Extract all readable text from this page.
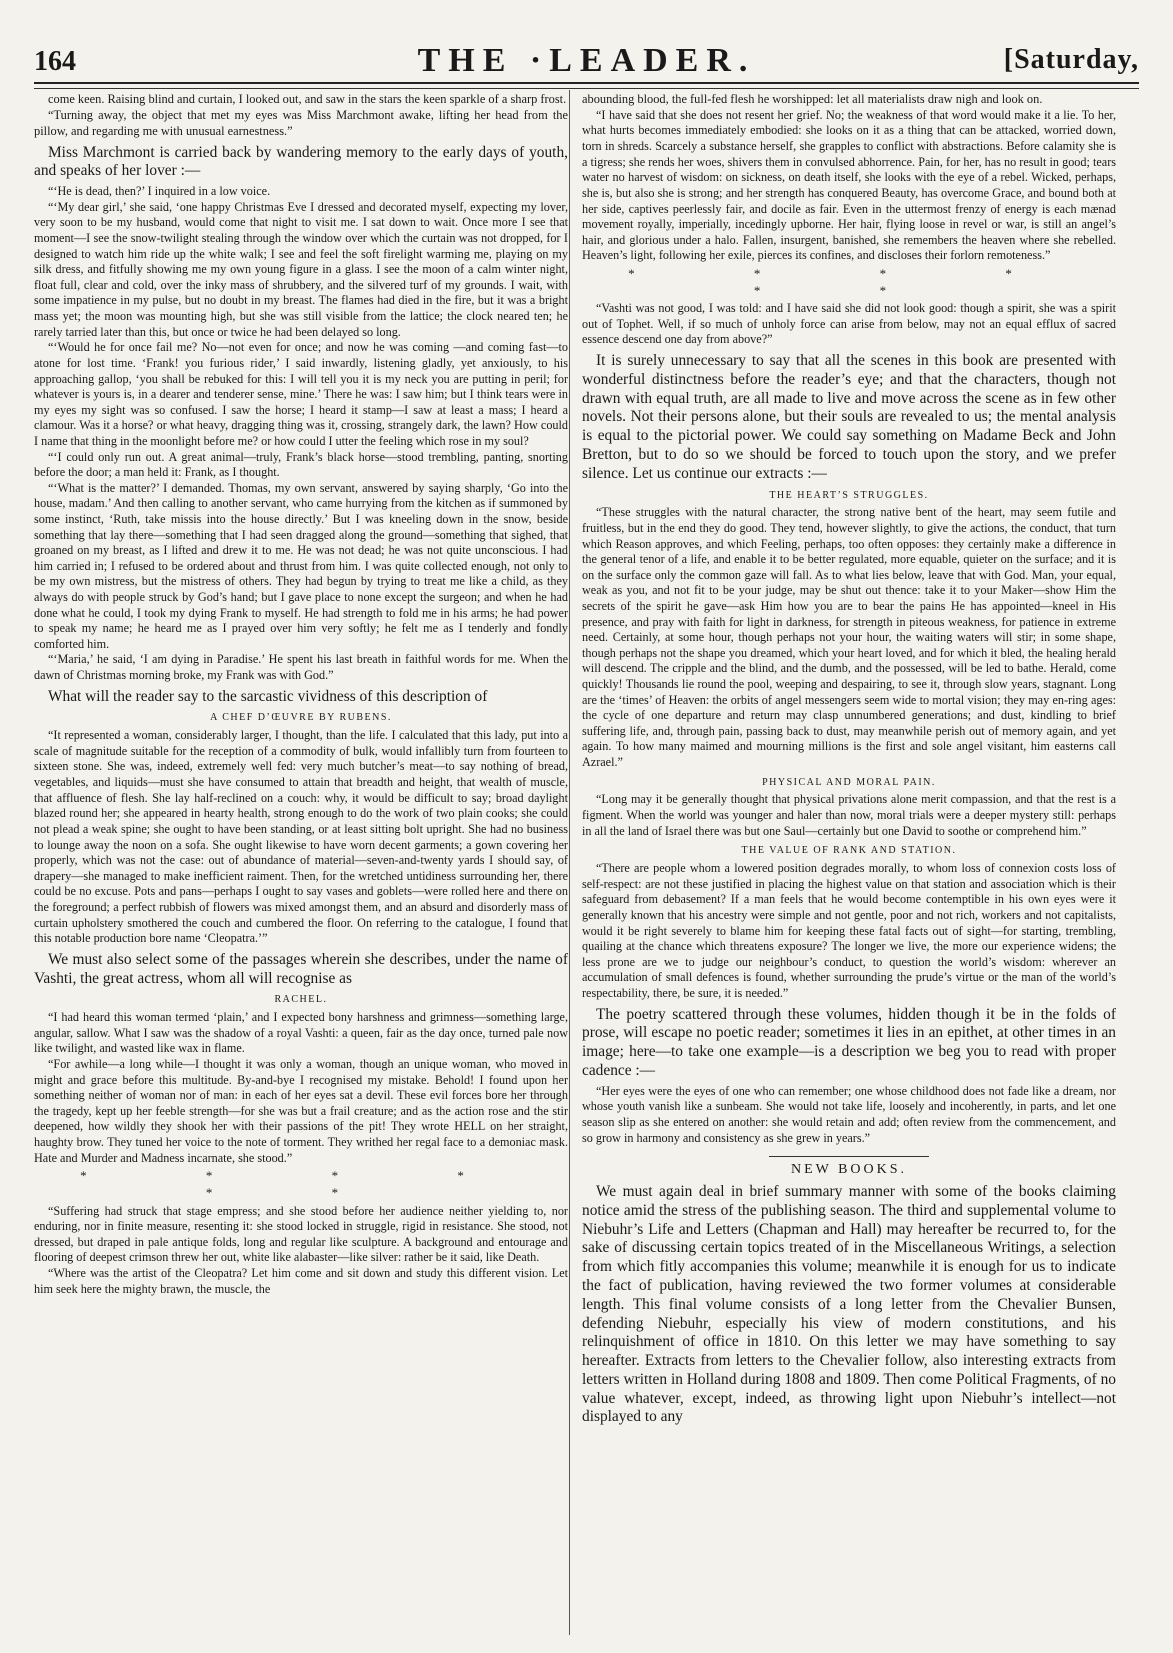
164	THE ·LEADER.	[Saturday,

come keen. Raising blind and curtain, I looked out, and saw in the stars the keen sparkle of a sharp frost.

“Turning away, the object that met my eyes was Miss Marchmont awake, lifting her head from the pillow, and regarding me with unusual earnestness.”

Miss Marchmont is carried back by wandering memory to the early days of youth, and speaks of her lover :—

“‘He is dead, then?’ I inquired in a low voice.

“‘My dear girl,’ she said, ‘one happy Christmas Eve I dressed and decorated myself, expecting my lover, very soon to be my husband, would come that night to visit me. I sat down to wait. Once more I see that moment—I see the snow-twilight stealing through the window over which the curtain was not dropped, for I designed to watch him ride up the white walk; I see and feel the soft firelight warming me, playing on my silk dress, and fitfully showing me my own young figure in a glass. I see the moon of a calm winter night, float full, clear and cold, over the inky mass of shrubbery, and the silvered turf of my grounds. I wait, with some impatience in my pulse, but no doubt in my breast. The flames had died in the fire, but it was a bright mass yet; the moon was mounting high, but she was still visible from the lattice; the clock neared ten; he rarely tarried later than this, but once or twice he had been delayed so long.

“‘Would he for once fail me? No—not even for once; and now he was coming —and coming fast—to atone for lost time. ‘Frank! you furious rider,’ I said inwardly, listening gladly, yet anxiously, to his approaching gallop, ‘you shall be rebuked for this: I will tell you it is my neck you are putting in peril; for whatever is yours is, in a dearer and tenderer sense, mine.’ There he was: I saw him; but I think tears were in my eyes my sight was so confused. I saw the horse; I heard it stamp—I saw at least a mass; I heard a clamour. Was it a horse? or what heavy, dragging thing was it, crossing, strangely dark, the lawn? How could I name that thing in the moonlight before me? or how could I utter the feeling which rose in my soul?

“‘I could only run out. A great animal—truly, Frank’s black horse—stood trembling, panting, snorting before the door; a man held it: Frank, as I thought.

“‘What is the matter?’ I demanded. Thomas, my own servant, answered by saying sharply, ‘Go into the house, madam.’ And then calling to another servant, who came hurrying from the kitchen as if summoned by some instinct, ‘Ruth, take missis into the house directly.’ But I was kneeling down in the snow, beside something that lay there—something that I had seen dragged along the ground—something that sighed, that groaned on my breast, as I lifted and drew it to me. He was not dead; he was not quite unconscious. I had him carried in; I refused to be ordered about and thrust from him. I was quite collected enough, not only to be my own mistress, but the mistress of others. They had begun by trying to treat me like a child, as they always do with people struck by God’s hand; but I gave place to none except the surgeon; and when he had done what he could, I took my dying Frank to myself. He had strength to fold me in his arms; he had power to speak my name; he heard me as I prayed over him very softly; he felt me as I tenderly and fondly comforted him.

“‘Maria,’ he said, ‘I am dying in Paradise.’ He spent his last breath in faithful words for me. When the dawn of Christmas morning broke, my Frank was with God.”

What will the reader say to the sarcastic vividness of this description of

A CHEF D’ŒUVRE BY RUBENS.

“It represented a woman, considerably larger, I thought, than the life. I calculated that this lady, put into a scale of magnitude suitable for the reception of a commodity of bulk, would infallibly turn from fourteen to sixteen stone. She was, indeed, extremely well fed: very much butcher’s meat—to say nothing of bread, vegetables, and liquids—must she have consumed to attain that breadth and height, that wealth of muscle, that affluence of flesh. She lay half-reclined on a couch: why, it would be difficult to say; broad daylight blazed round her; she appeared in hearty health, strong enough to do the work of two plain cooks; she could not plead a weak spine; she ought to have been standing, or at least sitting bolt upright. She had no business to lounge away the noon on a sofa. She ought likewise to have worn decent garments; a gown covering her properly, which was not the case: out of abundance of material—seven-and-twenty yards I should say, of drapery—she managed to make inefficient raiment. Then, for the wretched untidiness surrounding her, there could be no excuse. Pots and pans—perhaps I ought to say vases and goblets—were rolled here and there on the foreground; a perfect rubbish of flowers was mixed amongst them, and an absurd and disorderly mass of curtain upholstery smothered the couch and cumbered the floor. On referring to the catalogue, I found that this notable production bore name ‘Cleopatra.’”

We must also select some of the passages wherein she describes, under the name of Vashti, the great actress, whom all will recognise as

RACHEL.

“I had heard this woman termed ‘plain,’ and I expected bony harshness and grimness—something large, angular, sallow. What I saw was the shadow of a royal Vashti: a queen, fair as the day once, turned pale now like twilight, and wasted like wax in flame.

“For awhile—a long while—I thought it was only a woman, though an unique woman, who moved in might and grace before this multitude. By-and-bye I recognised my mistake. Behold! I found upon her something neither of woman nor of man: in each of her eyes sat a devil. These evil forces bore her through the tragedy, kept up her feeble strength—for she was but a frail creature; and as the action rose and the stir deepened, how wildly they shook her with their passions of the pit! They wrote HELL on her straight, haughty brow. They tuned her voice to the note of torment. They writhed her regal face to a demoniac mask. Hate and Murder and Madness incarnate, she stood.”

* * * * * *

“Suffering had struck that stage empress; and she stood before her audience neither yielding to, nor enduring, nor in finite measure, resenting it: she stood locked in struggle, rigid in resistance. She stood, not dressed, but draped in pale antique folds, long and regular like sculpture. A background and entourage and flooring of deepest crimson threw her out, white like alabaster—like silver: rather be it said, like Death.

“Where was the artist of the Cleopatra? Let him come and sit down and study this different vision. Let him seek here the mighty brawn, the muscle, the

abounding blood, the full-fed flesh he worshipped: let all materialists draw nigh and look on.

“I have said that she does not resent her grief. No; the weakness of that word would make it a lie. To her, what hurts becomes immediately embodied: she looks on it as a thing that can be attacked, worried down, torn in shreds. Scarcely a substance herself, she grapples to conflict with abstractions. Before calamity she is a tigress; she rends her woes, shivers them in convulsed abhorrence. Pain, for her, has no result in good; tears water no harvest of wisdom: on sickness, on death itself, she looks with the eye of a rebel. Wicked, perhaps, she is, but also she is strong; and her strength has conquered Beauty, has overcome Grace, and bound both at her side, captives peerlessly fair, and docile as fair. Even in the uttermost frenzy of energy is each mænad movement royally, imperially, incedingly upborne. Her hair, flying loose in revel or war, is still an angel’s hair, and glorious under a halo. Fallen, insurgent, banished, she remembers the heaven where she rebelled. Heaven’s light, following her exile, pierces its confines, and discloses their forlorn remoteness.”

* * * * * *

“Vashti was not good, I was told: and I have said she did not look good: though a spirit, she was a spirit out of Tophet. Well, if so much of unholy force can arise from below, may not an equal efflux of sacred essence descend one day from above?”

It is surely unnecessary to say that all the scenes in this book are presented with wonderful distinctness before the reader’s eye; and that the characters, though not drawn with equal truth, are all made to live and move across the scene as in few other novels. Not their persons alone, but their souls are revealed to us; the mental analysis is equal to the pictorial power. We could say something on Madame Beck and John Bretton, but to do so we should be forced to touch upon the story, and we prefer silence. Let us continue our extracts :—

THE HEART’S STRUGGLES.

“These struggles with the natural character, the strong native bent of the heart, may seem futile and fruitless, but in the end they do good. They tend, however slightly, to give the actions, the conduct, that turn which Reason approves, and which Feeling, perhaps, too often opposes: they certainly make a difference in the general tenor of a life, and enable it to be better regulated, more equable, quieter on the surface; and it is on the surface only the common gaze will fall. As to what lies below, leave that with God. Man, your equal, weak as you, and not fit to be your judge, may be shut out thence: take it to your Maker—show Him the secrets of the spirit he gave—ask Him how you are to bear the pains He has appointed—kneel in His presence, and pray with faith for light in darkness, for strength in piteous weakness, for patience in extreme need. Certainly, at some hour, though perhaps not your hour, the waiting waters will stir; in some shape, though perhaps not the shape you dreamed, which your heart loved, and for which it bled, the healing herald will descend. The cripple and the blind, and the dumb, and the possessed, will be led to bathe. Herald, come quickly! Thousands lie round the pool, weeping and despairing, to see it, through slow years, stagnant. Long are the ‘times’ of Heaven: the orbits of angel messengers seem wide to mortal vision; they may en-ring ages: the cycle of one departure and return may clasp unnumbered generations; and dust, kindling to brief suffering life, and, through pain, passing back to dust, may meanwhile perish out of memory again, and yet again. To how many maimed and mourning millions is the first and sole angel visitant, him easterns call Azrael.”

PHYSICAL AND MORAL PAIN.

“Long may it be generally thought that physical privations alone merit compassion, and that the rest is a figment. When the world was younger and haler than now, moral trials were a deeper mystery still: perhaps in all the land of Israel there was but one Saul—certainly but one David to soothe or comprehend him.”

THE VALUE OF RANK AND STATION.

“There are people whom a lowered position degrades morally, to whom loss of connexion costs loss of self-respect: are not these justified in placing the highest value on that station and association which is their safeguard from debasement? If a man feels that he would become contemptible in his own eyes were it generally known that his ancestry were simple and not gentle, poor and not rich, workers and not capitalists, would it be right severely to blame him for keeping these fatal facts out of sight—for starting, trembling, quailing at the chance which threatens exposure? The longer we live, the more our experience widens; the less prone are we to judge our neighbour’s conduct, to question the world’s wisdom: wherever an accumulation of small defences is found, whether surrounding the prude’s virtue or the man of the world’s respectability, there, be sure, it is needed.”

The poetry scattered through these volumes, hidden though it be in the folds of prose, will escape no poetic reader; sometimes it lies in an epithet, at other times in an image; here—to take one example—is a description we beg you to read with proper cadence :—

“Her eyes were the eyes of one who can remember; one whose childhood does not fade like a dream, nor whose youth vanish like a sunbeam. She would not take life, loosely and incoherently, in parts, and let one season slip as she entered on another: she would retain and add; often review from the commencement, and so grow in harmony and consistency as she grew in years.”

NEW BOOKS.

We must again deal in brief summary manner with some of the books claiming notice amid the stress of the publishing season. The third and supplemental volume to Niebuhr’s Life and Letters (Chapman and Hall) may hereafter be recurred to, for the sake of discussing certain topics treated of in the Miscellaneous Writings, a selection from which fitly accompanies this volume; meanwhile it is enough for us to indicate the fact of publication, having reviewed the two former volumes at considerable length. This final volume consists of a long letter from the Chevalier Bunsen, defending Niebuhr, especially his view of modern constitutions, and his relinquishment of office in 1810. On this letter we may have something to say hereafter. Extracts from letters to the Chevalier follow, also interesting extracts from letters written in Holland during 1808 and 1809. Then come Political Fragments, of no value whatever, except, indeed, as throwing light upon Niebuhr’s intellect—not displayed to any
